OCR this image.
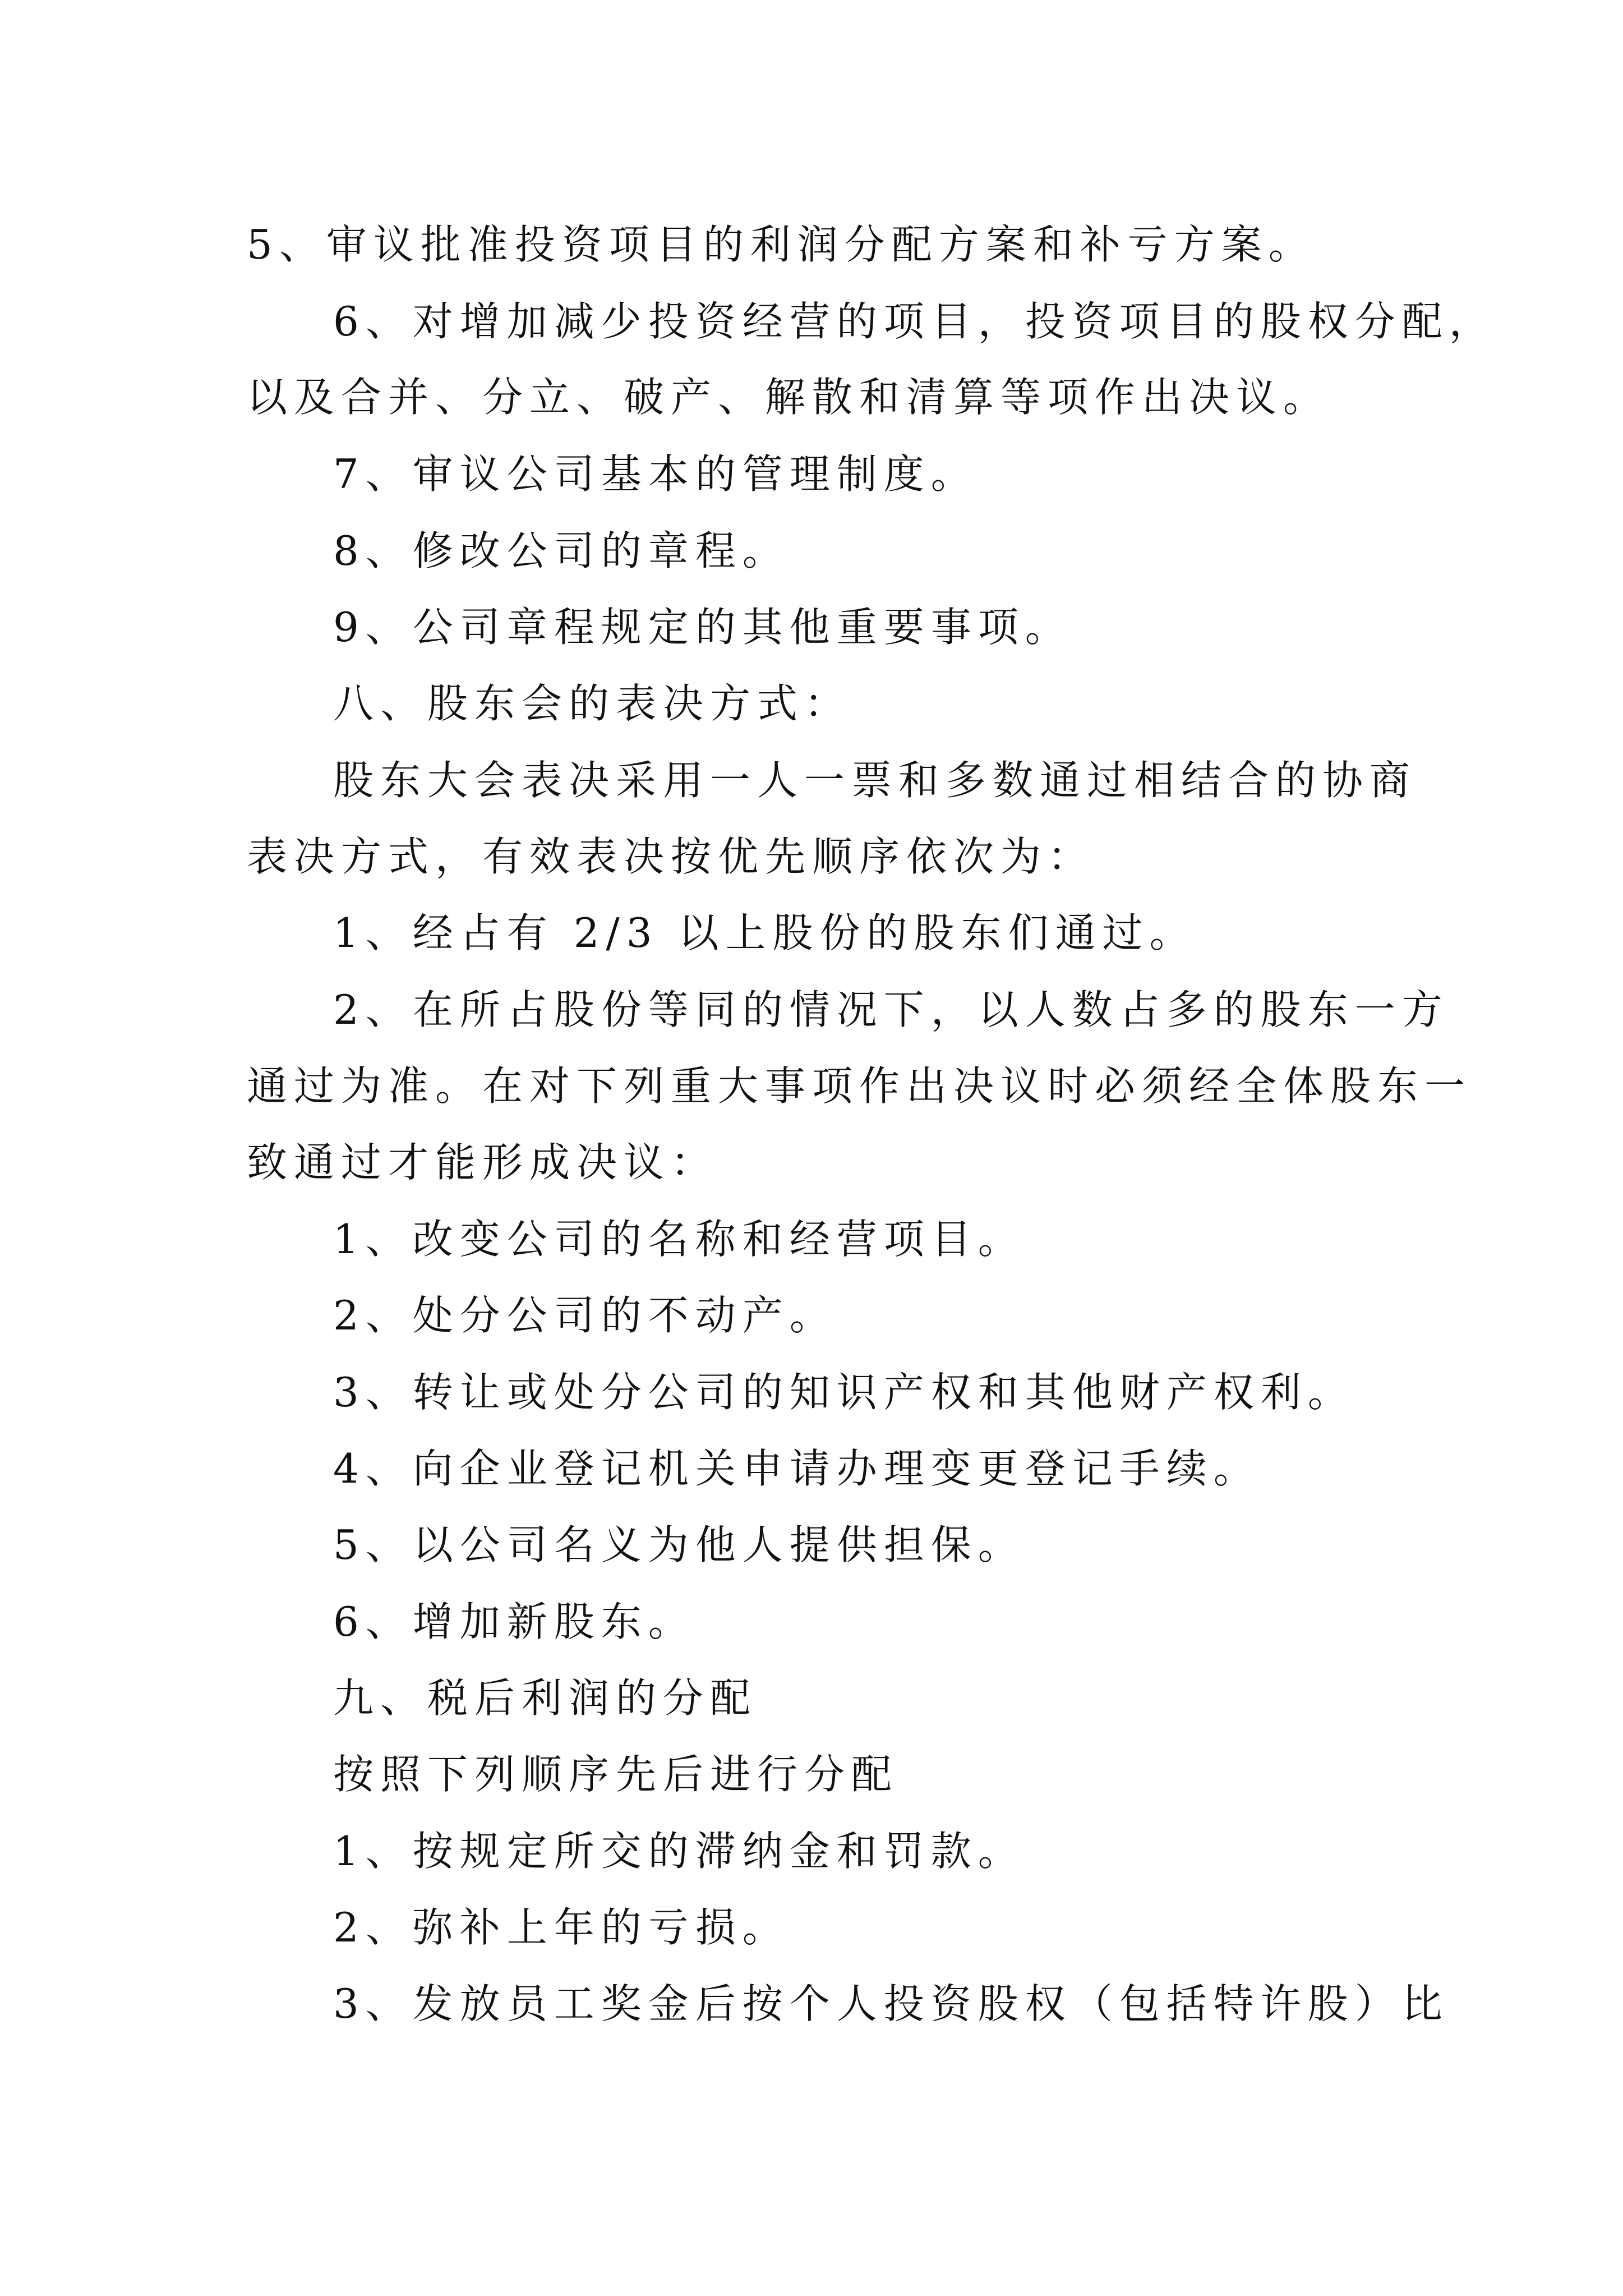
5、审议批准投资项目的利润分配方案和补亏方案。
6、对增加减少投资经营的项目，投资项目的股权分配，
以及合并、分立、破产、解散和清算等项作出决议。
7、审议公司基本的管理制度。
8、修改公司的章程。
9、公司章程规定的其他重要事项。
八、股东会的表决方式：
股东大会表决采用一人一票和多数通过相结合的协商
表决方式，有效表决按优先顺序依次为：
1、经占有 2/3 以上股份的股东们通过。
2、在所占股份等同的情况下，以人数占多的股东一方
通过为准。在对下列重大事项作出决议时必须经全体股东一
致通过才能形成决议：
1、改变公司的名称和经营项目。
2、处分公司的不动产。
3、转让或处分公司的知识产权和其他财产权利。
4、向企业登记机关申请办理变更登记手续。
5、以公司名义为他人提供担保。
6、增加新股东。
九、税后利润的分配
按照下列顺序先后进行分配
1、按规定所交的滞纳金和罚款。
2、弥补上年的亏损。
3、发放员工奖金后按个人投资股权（包括特许股）比
